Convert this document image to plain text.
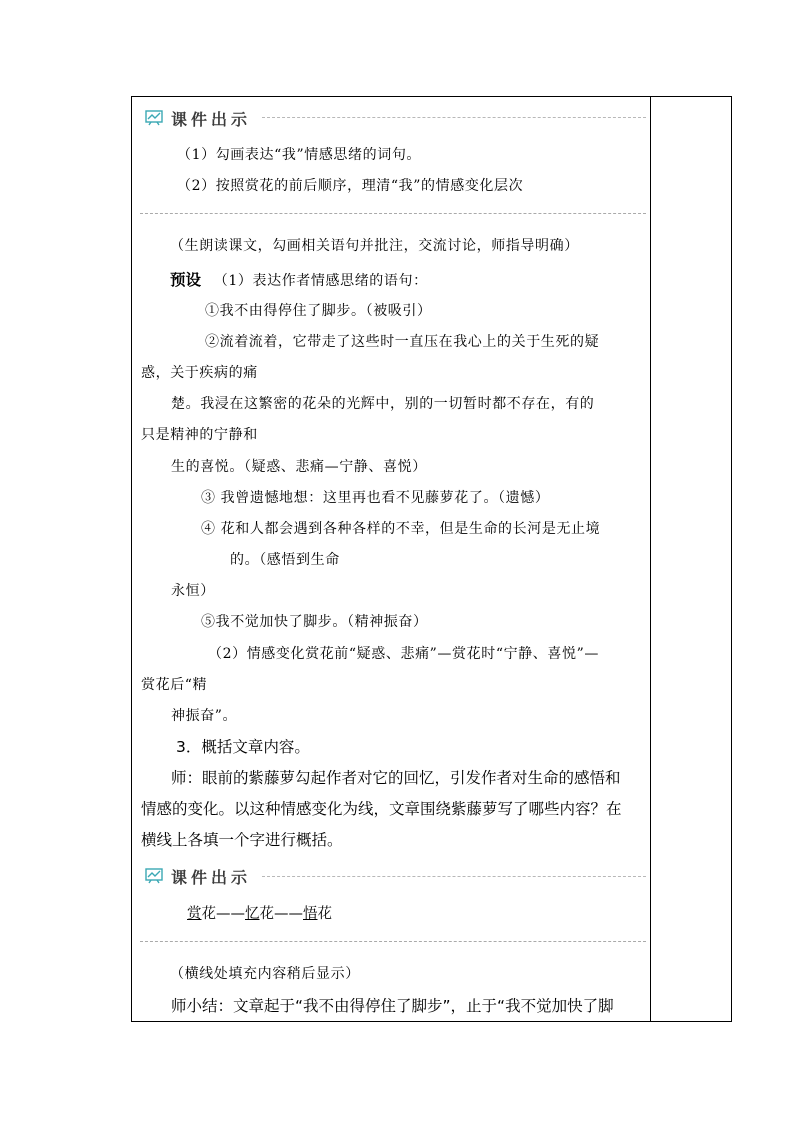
课件出示
（1）勾画表达“我”情感思绪的词句。
（2）按照赏花的前后顺序，理清“我”的情感变化层次
（生朗读课文，勾画相关语句并批注，交流讨论，师指导明确）
预设 （1）表达作者情感思绪的语句：
①我不由得停住了脚步。（被吸引）
②流着流着，它带走了这些时一直压在我心上的关于生死的疑
惑，关于疾病的痛
楚。我浸在这繁密的花朵的光辉中，别的一切暂时都不存在，有的
只是精神的宁静和
生的喜悦。（疑惑、悲痛—宁静、喜悦）
③ 我曾遗憾地想：这里再也看不见藤萝花了。（遗憾）
④ 花和人都会遇到各种各样的不幸，但是生命的长河是无止境
的。（感悟到生命
永恒）
⑤我不觉加快了脚步。（精神振奋）
（2）情感变化赏花前“疑惑、悲痛”—赏花时“宁静、喜悦”—
赏花后“精
神振奋”。
3．概括文章内容。
师：眼前的紫藤萝勾起作者对它的回忆，引发作者对生命的感悟和
情感的变化。以这种情感变化为线，文章围绕紫藤萝写了哪些内容？在
横线上各填一个字进行概括。
课件出示
赏花——忆花——悟花
（横线处填充内容稍后显示）
师小结：文章起于“我不由得停住了脚步”，止于“我不觉加快了脚
